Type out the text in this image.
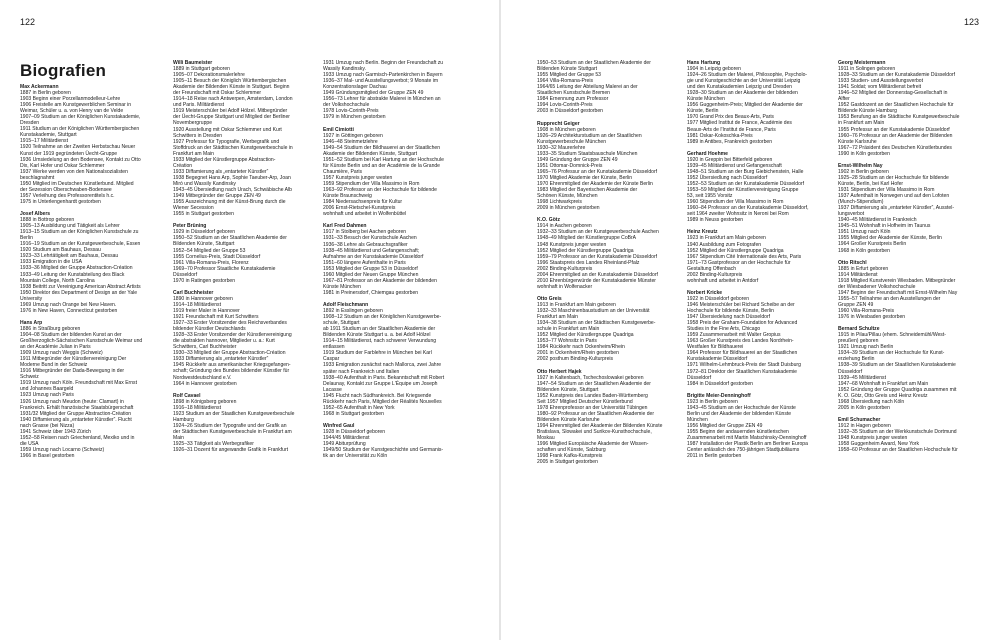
122	123
Biografien
Max Ackermann
1887 in Berlin geboren
1903 Beginn einer Porzellanmodelleur-Lehre
1906 Freistelle am Kunstgewerblichen Seminar in
Weimar, Schüler u. a. von Henry van de Velde
1907–09 Studium an der Königlichen Kunstakademie,
Dresden
1911 Studium an der Königlichen Württembergischen
Kunstakademie, Stuttgart
1915–17 Militärdienst
1920 Teilnahme an der Zweiten Herbstschau Neuer
Kunst der 1919 gegründeten Üecht-Gruppe
1936 Umsiedelung an den Bodensee, Kontakt zu Otto
Dix, Karl Hofer und Oskar Schlemmer
1937 Werke werden von den Nationalsozialisten
beschlagnahmt
1950 Mitglied im Deutschen Künstlerbund. Mitglied
der Sezession Oberschwaben-Bodensee
1957 Verleihung des Professorentitels h.c.
1975 in Unterlengenhardt gestorben
Josef Albers
1888 in Bottrop geboren
1905–13 Ausbildung und Tätigkeit als Lehrer
1913–15 Studium an der Königlichen Kunstschule zu
Berlin
1916–19 Studium an der Kunstgewerbeschule, Essen
1920 Studium am Bauhaus, Dessau
1923–33 Lehrtätigkeit am Bauhaus, Dessau
1933 Emigration in die USA
1933–36 Mitglied der Gruppe Abstraction-Création
1933–49 Leitung der Kunstabteilung des Black
Mountain College, North Carolina
1938 Beitritt zur Vereinigung American Abstract Artists
1950 Direktor des Department of Design an der Yale
University
1969 Umzug nach Orange bei New Haven.
1976 in New Haven, Connecticut gestorben
Hans Arp
1886 in Straßburg geboren
1904–08 Studium der bildenden Kunst an der
Großherzoglich-Sächsischen Kunstschule Weimar und
an der Académie Julian in Paris
1909 Umzug nach Weggis (Schweiz)
1911 Mitbegründer der Künstlervereinigung Der
Moderne Bund in der Schweiz
1916 Mitbegründer der Dada-Bewegung in der
Schweiz
1919 Umzug nach Köln. Freundschaft mit Max Ernst
und Johannes Baargeld
1923 Umzug nach Paris
1926 Umzug nach Meudon (heute: Clamart) in
Frankreich. Erhält französische Staatsbürgerschaft
1931/32 Mitglied der Gruppe Abstraction-Création
1940 Diffamierung als „entarteter Künstler“. Flucht
nach Grasse (bei Nizza)
1941 Schweiz über 1943 Zürich
1952–58 Reisen nach Griechenland, Mexiko und in
die USA
1959 Umzug nach Locarno (Schweiz)
1966 in Basel gestorben
Willi Baumeister
1889 in Stuttgart geboren
1905–07 Dekorationsmalerlehre
1905–11 Besuch der Königlich Württembergischen
Akademie der Bildenden Künste in Stuttgart. Beginn
der Freundschaft mit Oskar Schlemmer
1914–18 Reise nach Antwerpen, Amsterdam, London
und Paris. Militärdienst
1919 Meisterschüler bei Adolf Hölzel. Mitbegründer
der Üecht-Gruppe Stuttgart und Mitglied der Berliner
Novembergruppe
1920 Ausstellung mit Oskar Schlemmer und Kurt
Schwitters in Dresden
1927 Professur für Typografie, Werbegrafik und
Stoffdruck an der Städtischen Kunstgewerbeschule in
Frankfurt am Main
1933 Mitglied der Künstlergruppe Abstraction-
Création
1933 Diffamierung als „entarteter Künstler“
1938 Begegnet Hans Arp, Sophie Taeuber-Arp, Joan
Miró und Wassily Kandinsky
1943–45 Übersiedlung nach Urach, Schwäbische Alb
1949 Mitbegründer der Gruppe ZEN 49
1955 Auszeichnung mit der Künst-Brung durch die
Wiener Secession
1955 in Stuttgart gestorben
Peter Brüning
1929 in Düsseldorf geboren
1950–52 Studium an der Staatlichen Akademie der
Bildenden Künste, Stuttgart
1952–54 Mitglied der Gruppe 53
1955 Cornelius-Preis, Stadt Düsseldorf
1961 Villa-Romana-Preis, Florenz
1969–70 Professor Staatliche Kunstakademie
Düsseldorf
1970 in Ratingen gestorben
Carl Buchheister
1890 in Hannover geboren
1914–18 Militärdienst
1919 freier Maler in Hannover
1921 Freundschaft mit Kurt Schwitters
1927–33 Erster Vorsitzender des Reichsverbandes
bildender Künstler Deutschlands
1928–33 Erster Vorsitzender der Künstlervereinigung
die abstrakten hannover, Mitglieder u. a.: Kurt
Schwitters, Carl Buchheister
1930–33 Mitglied der Gruppe Abstraction-Création
1933 Diffamierung als „entarteter Künstler“
1945 Rückkehr aus amerikanischer Kriegsgefangen-
schaft; Gründung des Bundes bildender Künstler für
Nordwestdeutschland e.V.
1964 in Hannover gestorben
Rolf Cavael
1898 in Königsberg geboren
1916–18 Militärdienst
1923 Studium an der Staatlichen Kunstgewerbeschule
Hamburg
1924–26 Studium der Typografie und der Grafik an
der Städtischen Kunstgewerbeschule in Frankfurt am
Main
1925–33 Tätigkeit als Werbegrafiker
1926–31 Dozent für angewandte Grafik in Frankfurt
1931 Umzug nach Berlin. Beginn der Freundschaft zu
Wassily Kandinsky.
1933 Umzug nach Garmisch-Partenkirchen in Bayern
1936–37 Mal- und Ausstellungsverbot; 9 Monate im
Konzentrationslager Dachau
1949 Gründungsmitglied der Gruppe ZEN 49
1956–73 Lehrer für abstrakte Malerei in München an
der Volkshochschule
1978 Lovis-Corinth-Preis
1979 in München gestorben
Emil Cimiotti
1927 in Göttingen geboren
1946–48 Steinmetzlehre
1949–54 Studium der Bildhauerei an der Staatlichen
Akademie der Bildenden Künste, Stuttgart
1951–52 Studium bei Karl Hartung an der Hochschule
für Künste Berlin und an der Académie de la Grande
Chaumière, Paris
1957 Kunstpreis junger westen
1959 Stipendium der Villa Massimo in Rom
1963–92 Professor an der Hochschule für bildende
Künste Braunschweig
1984 Niedersachsenpreis für Kultur
2006 Ernst-Rietschel-Kunstpreis
wohnhaft und arbeitet in Wolfenbüttel
Karl Fred Dahmen
1917 in Stolberg bei Aachen geboren
1931–33 Besuch der Kunstschule Aachen
1936–38 Lehre als Gebrauchsgrafiker
1938–45 Militärdienst und Gefangenschaft;
Aufnahme an der Kunstakademie Düsseldorf
1951–60 längere Aufenthalte in Paris
1953 Mitglied der Gruppe 53 in Düsseldorf
1960 Mitglied der Neuen Gruppe München
1967–81 Professor an der Akademie der bildenden
Künste München
1981 in Preinersdorf, Chiemgau gestorben
Adolf Fleischmann
1892 in Esslingen geboren
1908–12 Studium an der Königlichen Kunstgewerbe-
schule, Stuttgart
ab 1911 Studium an der Staatlichen Akademie der
Bildenden Künste Stuttgart u. a. bei Adolf Hölzel
1914–15 Militärdienst, nach schwerer Verwundung
entlassen
1919 Studium der Farblehre in München bei Karl
Caspar
1933 Emigration zunächst nach Mallorca, zwei Jahre
später nach Frankreich und Italien
1938–40 Aufenthalt in Paris. Bekanntschaft mit Robert
Delaunay, Kontakt zur Gruppe L'Équipe um Joseph
Lacasse
1945 Flucht nach Südfrankreich. Bei Kriegsende
Rückkehr nach Paris, Mitglied der Réalités Nouvelles
1952–65 Aufenthalt in New York
1968 in Stuttgart gestorben
Winfred Gaul
1928 in Düsseldorf geboren
1944/45 Militärdienst
1949 Abiturprüfung
1949/50 Studium der Kunstgeschichte und Germanis-
tik an der Universität zu Köln
1950–53 Studium an der Staatlichen Akademie der
Bildenden Künste Stuttgart
1955 Mitglied der Gruppe 53
1964 Villa-Romana-Preis
1964/65 Leitung der Abteilung Malerei an der
Staatlichen Kunstschule Bremen
1984 Ernennung zum Professor
1994 Lovis-Corinth-Preis
2003 in Düsseldorf gestorben
Rupprecht Geiger
1908 in München geboren
1926–29 Architekturstudium an der Staatlichen
Kunstgewerbeschule München
1930–32 Maurerlehre
1933–35 Studium Staatsbauschule München
1949 Gründung der Gruppe ZEN 49
1951 Ottomar-Domnick-Preis
1965–76 Professur an der Kunstakademie Düsseldorf
1970 Mitglied Akademie der Künste, Berlin
1970 Ehrenmitglied der Akademie der Künste Berlin
1983 Mitglied der Bayerischen Akademie der
Schönen Künste, München
1998 Lichtwarkpreis
2009 in München gestorben
K.O. Götz
1914 in Aachen geboren
1932–33 Studium an der Kunstgewerbeschule Aachen
1948–49 Mitglied der Künstlergruppe CoBrA
1948 Kunstpreis junger westen
1952 Mitglied der Künstlergruppe Quadriga
1959–79 Professor an der Kunstakademie Düsseldorf
1996 Staatspreis des Landes Rheinland-Pfalz
2002 Binding-Kulturpreis
2004 Ehrenmitglied an der Kunstakademie Düsseldorf
2010 Ehrenbürgerwürde der Kunstakademie Münster
wohnhaft in Wolfenacker
Otto Greis
1913 in Frankfurt am Main geboren
1932–33 Maschinenbaustudium an der Universität
Frankfurt am Main
1934–38 Studium an der Städtischen Kunstgewerbe-
schule in Frankfurt am Main
1952 Mitglied der Künstlergruppe Quadriga
1953–77 Wohnsitz in Paris
1984 Rückkehr nach Ockenheim/Rhein
2001 in Ockenheim/Rhein gestorben
2002 posthum Binding-Kulturpreis
Otto Herbert Hajek
1927 in Kaltenbach, Tschechoslowakei geboren
1947–54 Studium an der Staatlichen Akademie der
Bildenden Künste, Stuttgart
1952 Kunstpreis des Landes Baden-Württemberg
Seit 1957 Mitglied Deutscher Künstlerbund
1978 Ehrenprofessor an der Universität Tübingen
1980–92 Professur an der Staatlichen Akademie der
Bildenden Künste Karlsruhe
1994 Ehrenmitglied der Akademie der Bildenden Künste
Bratislava, Slowakei und Surikov-Kunsthochschule,
Moskau
1996 Mitglied Europäische Akademie der Wissen-
schaften und Künste, Salzburg
1998 Frank Kafka-Kunstpreis
2005 in Stuttgart gestorben
Hans Hartung
1904 in Leipzig geboren
1924–26 Studium der Malerei, Philosophie, Psycholo-
gie und Kunstgeschichte an der Universität Leipzig
und den Kunstakademien Leipzig und Dresden
1928–30 Studium an der Akademie der bildenden
Künste München
1956 Guggenheim-Preis; Mitglied der Akademie der
Künste, Berlin
1970 Grand Prix des Beaux-Arts, Paris
1977 Mitglied Institut de France, Académie des
Beaux-Arts de l'Institut de France, Paris
1981 Oskar-Kokoschka-Preis
1989 in Antibes, Frankreich gestorben
Gerhard Hoehme
1920 in Greppin bei Bitterfeld geboren
1939–45 Militärdienst und Gefangenschaft
1948–51 Studium an der Burg Giebichenstein, Halle
1952 Übersiedlung nach Düsseldorf
1952–53 Studium an der Kunstakademie Düsseldorf
1953–59 Mitglied der Künstlervereinigung Gruppe
53, seit 1955 Vorsitz
1960 Stipendium der Villa Massimo in Rom
1960–84 Professor an der Kunstakademie Düsseldorf,
seit 1964 zweiter Wohnsitz in Neroni bei Rom
1989 in Neuss gestorben
Heinz Kreutz
1923 in Frankfurt am Main geboren
1940 Ausbildung zum Fotografen
1952 Mitglied der Künstlergruppe Quadriga
1967 Stipendium Cité Internationale des Arts, Paris
1971–73 Gastprofessor an der Hochschule für
Gestaltung Offenbach
2002 Binding-Kulturpreis
wohnhaft und arbeitet in Antdorf
Norbert Kricke
1922 in Düsseldorf geboren
1946 Meisterschüler bei Richard Scheibe an der
Hochschule für bildende Künste, Berlin
1947 Übersiedelung nach Düsseldorf
1958 Preis der Graham-Foundation for Advanced
Studies in the Fine Arts, Chicago
1959 Zusammenarbeit mit Walter Gropius
1963 Großer Kunstpreis des Landes Nordrhein-
Westfalen für Bildhauerei
1964 Professor für Bildhauerei an der Staatlichen
Kunstakademie Düsseldorf
1971 Wilhelm-Lehmbruck-Preis der Stadt Duisburg
1972–81 Direktor der Staatlichen Kunstakademie
Düsseldorf
1984 in Düsseldorf gestorben
Brigitte Meier-Denninghoff
1923 in Berlin geboren
1943–45 Studium an der Hochschule der Künste
Berlin und der Akademie der bildenden Künste
München
1956 Mitglied der Gruppe ZEN 49
1955 Beginn der andauernden künstlerischen
Zusammenarbeit mit Martin Matschinsky-Denninghoff
1987 Installation der Plastik Berlin am Berliner Europa
Center anlässlich des 750-jährigen Stadtjubiläums
2011 in Berlin gestorben
Georg Meistermann
1911 in Solingen geboren
1928–33 Studium an der Kunstakademie Düsseldorf
1933 Studien- und Ausstellungsverbot
1941 Soldat; vom Militärdienst befreit
1946–52 Mitglied der Donnerstag-Gesellschaft in
Alfter
1952 Gastdozent an der Staatlichen Hochschule für
Bildende Künste Hamburg
1953 Berufung an die Städtische Kunstgewerbeschule
in Frankfurt am Main
1955 Professur an der Kunstakademie Düsseldorf
1960–76 Professur an der Akademie der Bildenden
Künste Karlsruhe
1967–72 Präsident des Deutschen Künstlerbundes
1990 in Köln gestorben
Ernst-Wilhelm Nay
1902 in Berlin geboren
1925–28 Studium an der Hochschule für bildende
Künste, Berlin, bei Karl Hofer
1931 Stipendium der Villa Massimo in Rom
1937 Aufenthalt in Norwegen und auf den Lofoten
(Munch-Stipendium)
1937 Diffamierung als „entarteter Künstler“, Ausstel-
lungsverbot
1940–45 Militärdienst in Frankreich
1945–51 Wohnhaft in Hofheim im Taunus
1951 Umzug nach Köln
1955 Mitglied der Akademie der Künste, Berlin
1964 Großer Kunstpreis Berlin
1968 in Köln gestorben
Otto Ritschl
1885 in Erfurt geboren
1914 Militärdienst
1918 Mitglied Kunstverein Wiesbaden. Mitbegründer
der Wiesbadener Volkshochschule
1947 Beginn der Freundschaft mit Ernst-Wilhelm Nay
1955–57 Teilnahme an den Ausstellungen der
Gruppe ZEN 49
1960 Villa-Romana-Preis
1976 in Wiesbaden gestorben
Bernard Schultze
1915 in Pilau/Pillau (ehem. Schneidemühl/West-
preußen) geboren
1921 Umzug nach Berlin
1934–39 Studium an der Hochschule für Kunst-
erziehung Berlin
1938–39 Studium an der Staatlichen Kunstakademie
Düsseldorf
1939–45 Militärdienst
1947–68 Wohnhaft in Frankfurt am Main
1952 Gründung der Gruppe Quadriga zusammen mit
K. O. Götz, Otto Greis und Heinz Kreutz
1968 Übersiedlung nach Köln
2005 in Köln gestorben
Emil Schumacher
1912 in Hagen geboren
1932–35 Studium an der Werkkunstschule Dortmund
1948 Kunstpreis junger westen
1958 Guggenheim Award, New York
1958–60 Professur an der Staatlichen Hochschule für
